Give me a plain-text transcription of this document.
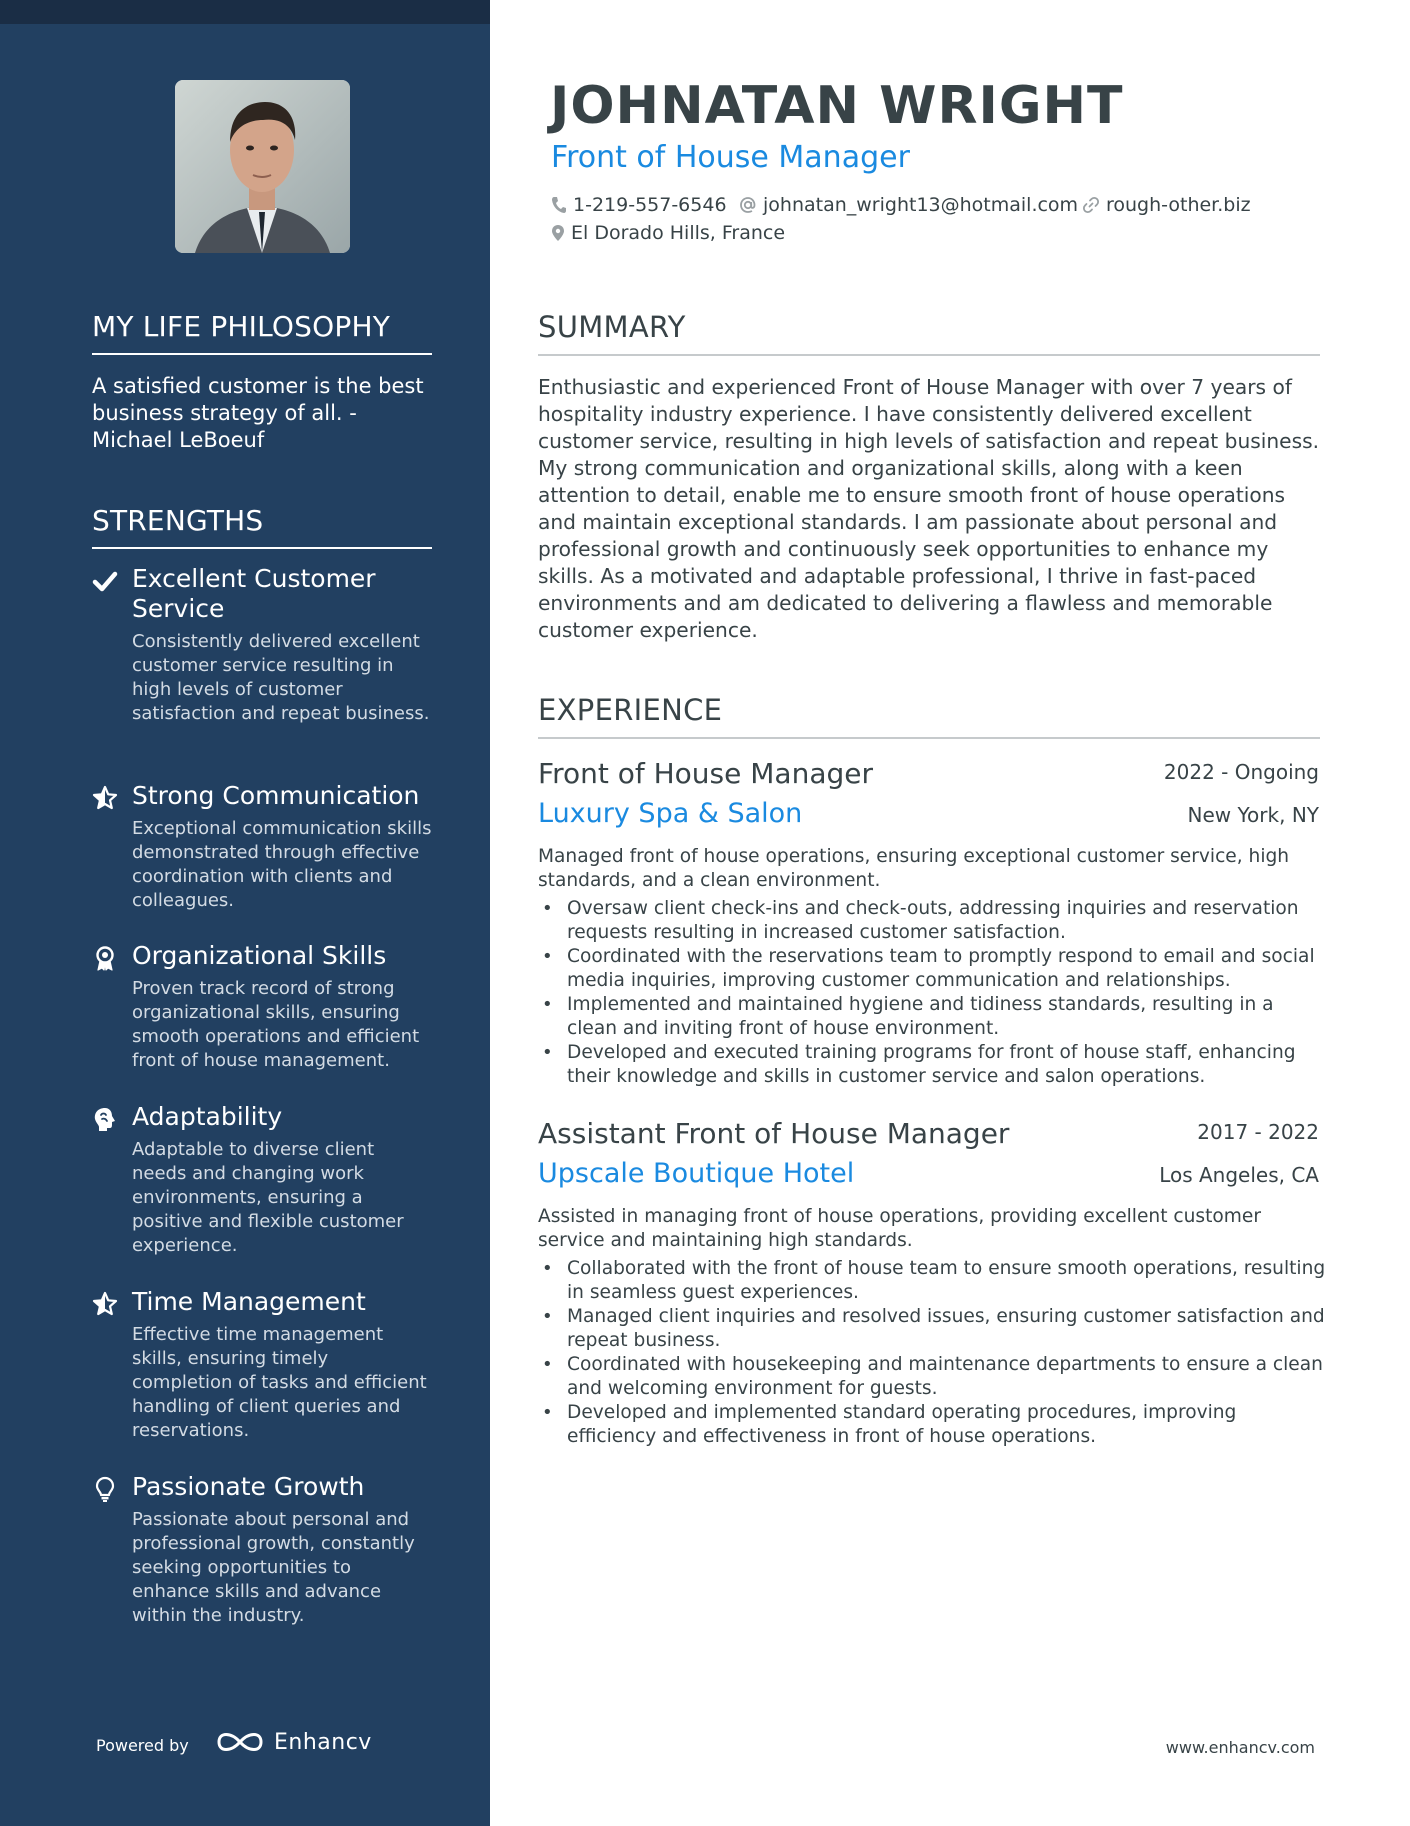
MY LIFE PHILOSOPHY
A satisfied customer is the best business strategy of all. - Michael LeBoeuf
STRENGTHS
Excellent Customer Service
Consistently delivered excellent customer service resulting in high levels of customer satisfaction and repeat business.
Strong Communication
Exceptional communication skills demonstrated through effective coordination with clients and colleagues.
Organizational Skills
Proven track record of strong organizational skills, ensuring smooth operations and efficient front of house management.
Adaptability
Adaptable to diverse client needs and changing work environments, ensuring a positive and flexible customer experience.
Time Management
Effective time management skills, ensuring timely completion of tasks and efficient handling of client queries and reservations.
Passionate Growth
Passionate about personal and professional growth, constantly seeking opportunities to enhance skills and advance within the industry.
Powered by	Enhancv
JOHNATAN WRIGHT
Front of House Manager
1-219-557-6546	johnatan_wright13@hotmail.com	rough-other.biz
El Dorado Hills, France
SUMMARY
Enthusiastic and experienced Front of House Manager with over 7 years of hospitality industry experience. I have consistently delivered excellent customer service, resulting in high levels of satisfaction and repeat business. My strong communication and organizational skills, along with a keen attention to detail, enable me to ensure smooth front of house operations and maintain exceptional standards. I am passionate about personal and professional growth and continuously seek opportunities to enhance my skills. As a motivated and adaptable professional, I thrive in fast-paced environments and am dedicated to delivering a flawless and memorable customer experience.
EXPERIENCE
Front of House Manager	2022 - Ongoing
Luxury Spa & Salon	New York, NY
Managed front of house operations, ensuring exceptional customer service, high standards, and a clean environment.
• Oversaw client check-ins and check-outs, addressing inquiries and reservation requests resulting in increased customer satisfaction.
• Coordinated with the reservations team to promptly respond to email and social media inquiries, improving customer communication and relationships.
• Implemented and maintained hygiene and tidiness standards, resulting in a clean and inviting front of house environment.
• Developed and executed training programs for front of house staff, enhancing their knowledge and skills in customer service and salon operations.
Assistant Front of House Manager	2017 - 2022
Upscale Boutique Hotel	Los Angeles, CA
Assisted in managing front of house operations, providing excellent customer service and maintaining high standards.
• Collaborated with the front of house team to ensure smooth operations, resulting in seamless guest experiences.
• Managed client inquiries and resolved issues, ensuring customer satisfaction and repeat business.
• Coordinated with housekeeping and maintenance departments to ensure a clean and welcoming environment for guests.
• Developed and implemented standard operating procedures, improving efficiency and effectiveness in front of house operations.
www.enhancv.com
